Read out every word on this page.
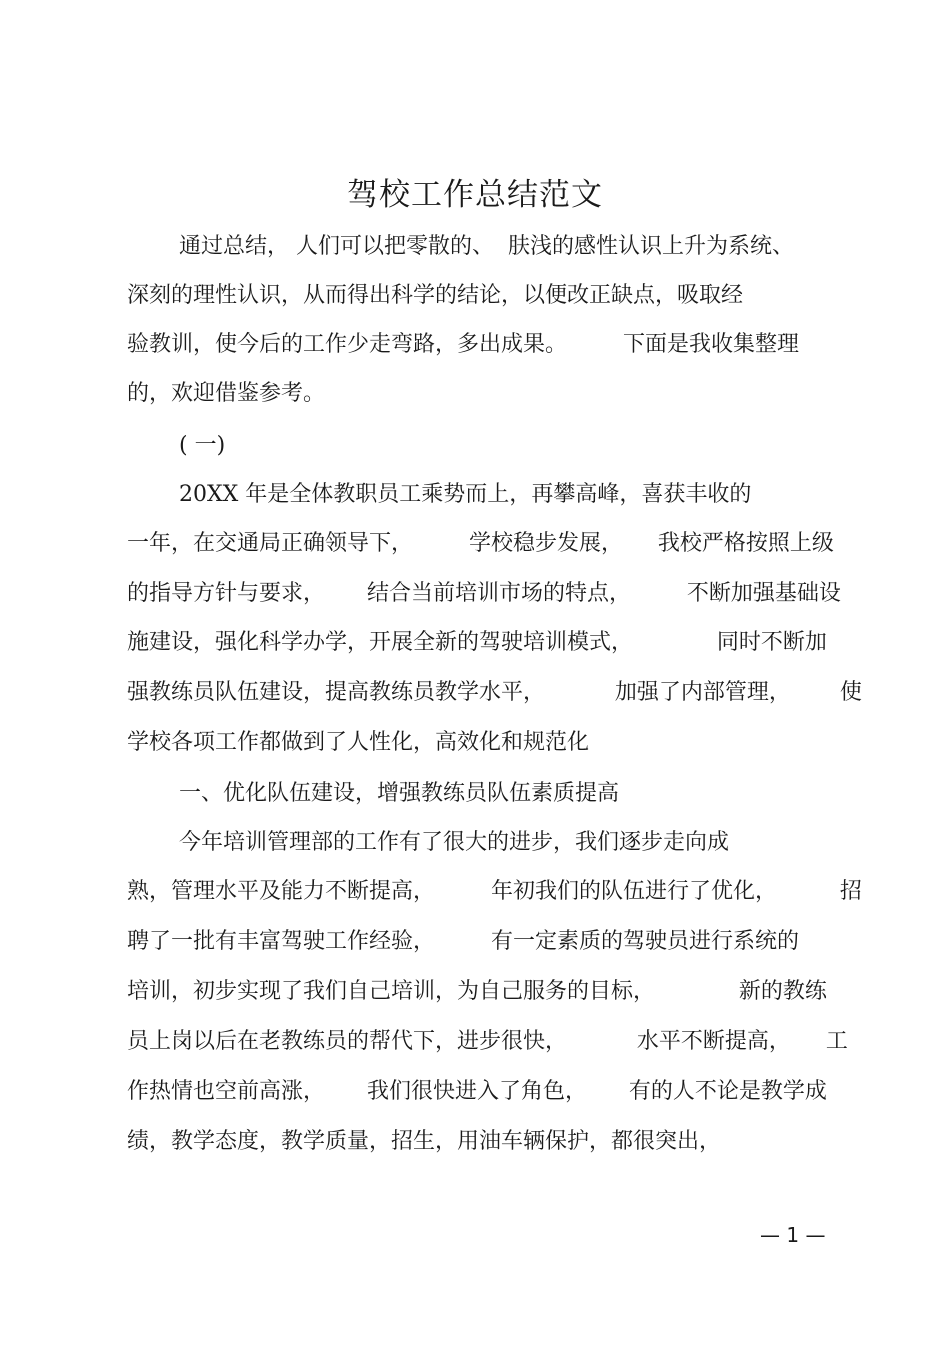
驾校工作总结范文
通过总结， 人们可以把零散的、  肤浅的感性认识上升为系统、
深刻的理性认识，从而得出科学的结论，以便改正缺点，吸取经
验教训，使今后的工作少走弯路，多出成果。        下面是我收集整理
的，欢迎借鉴参考。
( 一)
20XX 年是全体教职员工乘势而上，再攀高峰，喜获丰收的
一年，在交通局正确领导下，        学校稳步发展，     我校严格按照上级
的指导方针与要求，      结合当前培训市场的特点，        不断加强基础设
施建设，强化科学办学，开展全新的驾驶培训模式，            同时不断加
强教练员队伍建设，提高教练员教学水平，          加强了内部管理，       使
学校各项工作都做到了人性化，高效化和规范化
一、优化队伍建设，增强教练员队伍素质提高
今年培训管理部的工作有了很大的进步，我们逐步走向成
熟，管理水平及能力不断提高，        年初我们的队伍进行了优化，         招
聘了一批有丰富驾驶工作经验，        有一定素质的驾驶员进行系统的
培训，初步实现了我们自己培训，为自己服务的目标，            新的教练
员上岗以后在老教练员的帮代下，进步很快，          水平不断提高，     工
作热情也空前高涨，      我们很快进入了角色，      有的人不论是教学成
绩，教学态度，教学质量，招生，用油车辆保护，都很突出，
— 1 —
